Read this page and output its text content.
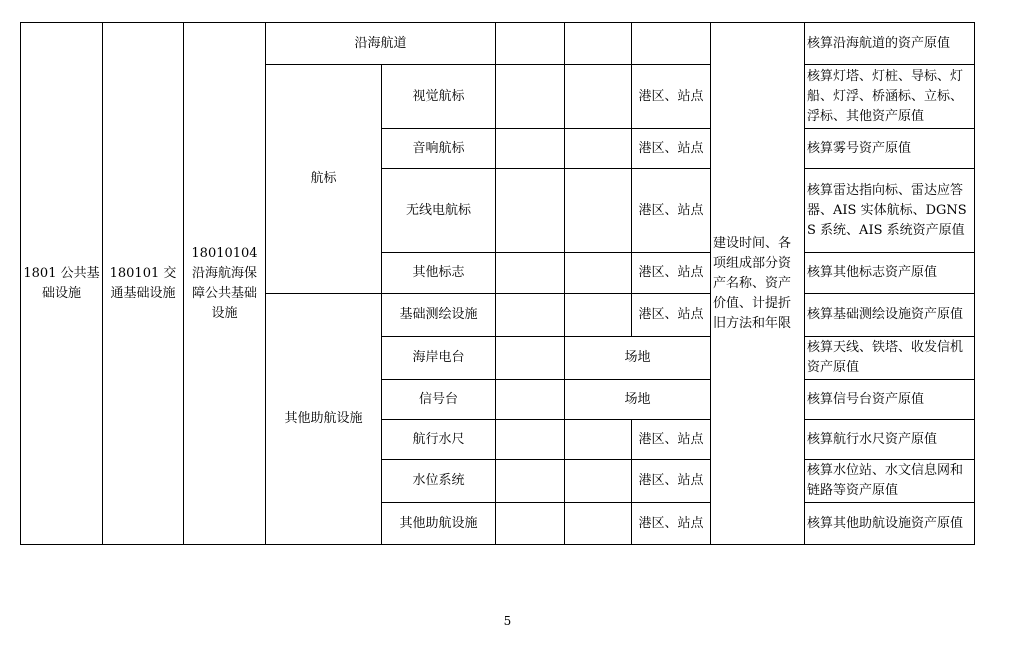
1801 公共基础设施	180101 交通基础设施	18010104 沿海航海保障公共基础设施	沿海航道					建设时间、各项组成部分资产名称、资产价值、计提折旧方法和年限	核算沿海航道的资产原值
			航标	视觉航标			港区、站点		核算灯塔、灯桩、导标、灯船、灯浮、桥涵标、立标、浮标、其他资产原值
				音响航标			港区、站点		核算雾号资产原值
				无线电航标			港区、站点		核算雷达指向标、雷达应答器、AIS 实体航标、DGNSS 系统、AIS 系统资产原值
				其他标志			港区、站点		核算其他标志资产原值
			其他助航设施	基础测绘设施			港区、站点		核算基础测绘设施资产原值
				海岸电台		场地			核算天线、铁塔、收发信机资产原值
				信号台		场地			核算信号台资产原值
				航行水尺			港区、站点		核算航行水尺资产原值
				水位系统			港区、站点		核算水位站、水文信息网和链路等资产原值
				其他助航设施			港区、站点		核算其他助航设施资产原值
5
